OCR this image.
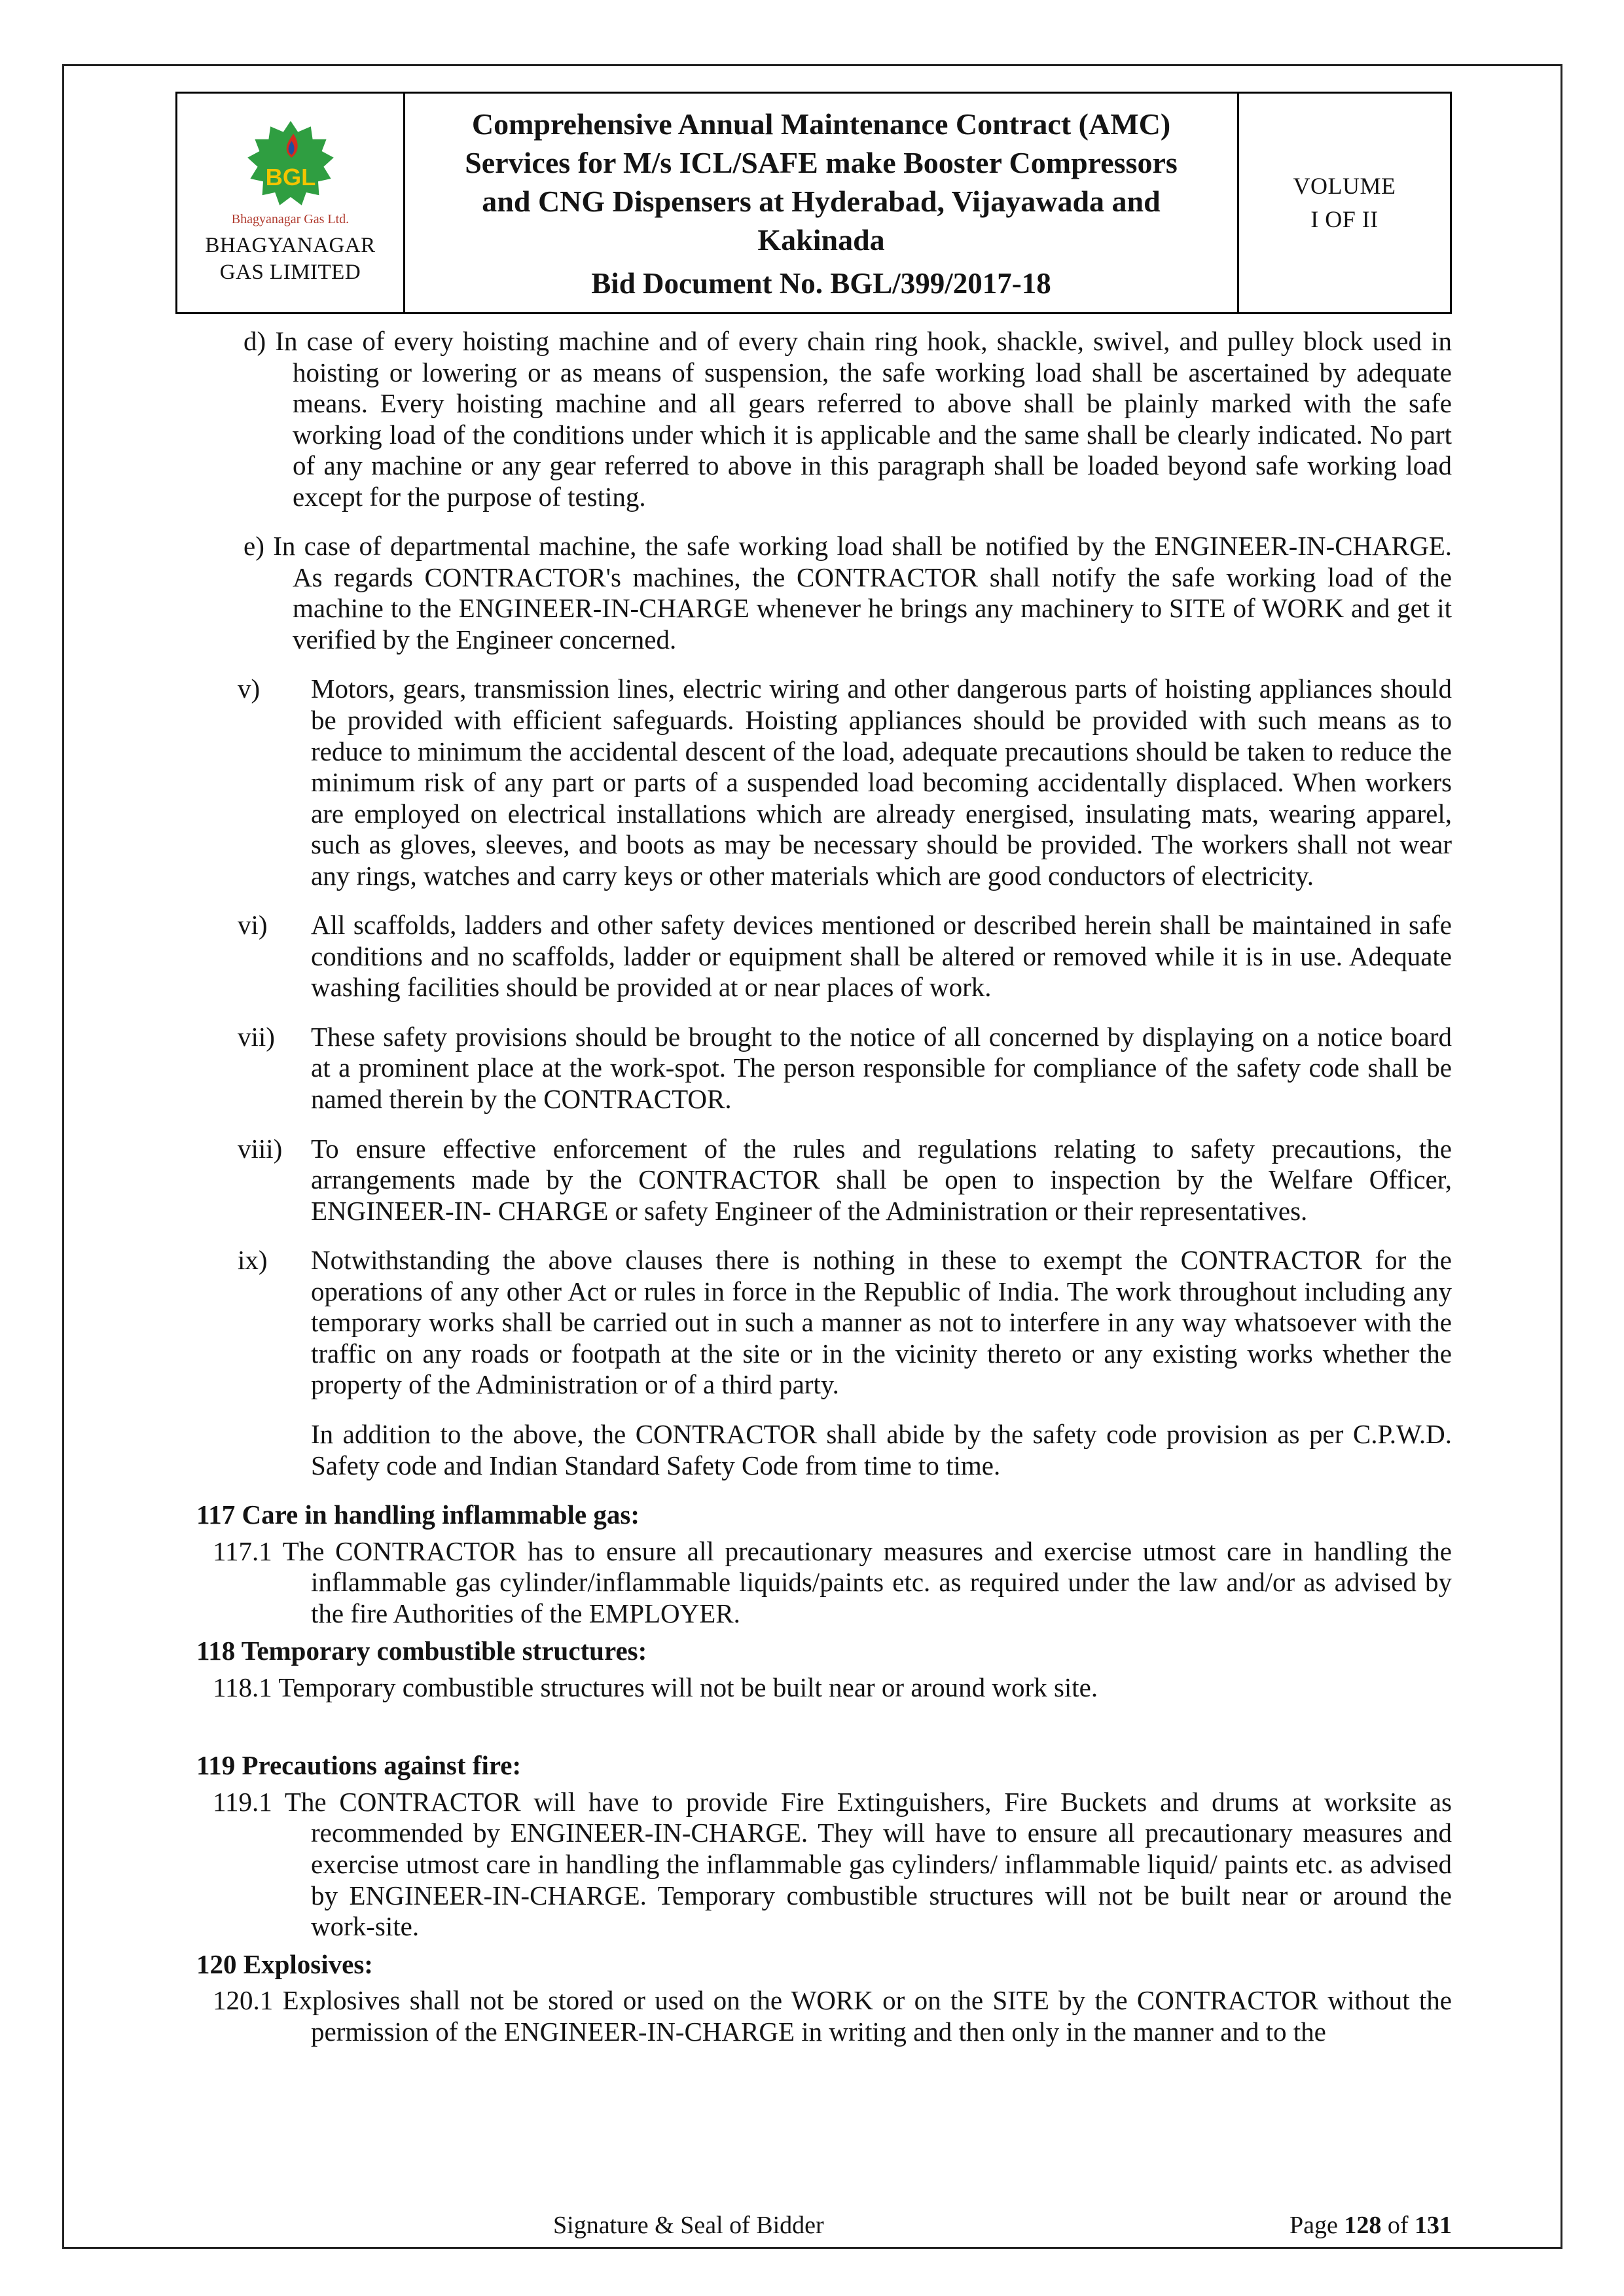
BGL
Bhagyanagar Gas Ltd.
BHAGYANAGAR
GAS LIMITED
Comprehensive Annual Maintenance Contract (AMC)
Services for M/s ICL/SAFE make Booster Compressors
and CNG Dispensers at Hyderabad, Vijayawada and
Kakinada
Bid Document No. BGL/399/2017-18
VOLUME
I OF II
d) In case of every hoisting machine and of every chain ring hook, shackle, swivel, and pulley block used in hoisting or lowering or as means of suspension, the safe working load shall be ascertained by adequate means. Every hoisting machine and all gears referred to above shall be plainly marked with the safe working load of the conditions under which it is applicable and the same shall be clearly indicated. No part of any machine or any gear referred to above in this paragraph shall be loaded beyond safe working load except for the purpose of testing.
e) In case of departmental machine, the safe working load shall be notified by the ENGINEER-IN-CHARGE. As regards CONTRACTOR's machines, the CONTRACTOR shall notify the safe working load of the machine to the ENGINEER-IN-CHARGE whenever he brings any machinery to SITE of WORK and get it verified by the Engineer concerned.
v)	Motors, gears, transmission lines, electric wiring and other dangerous parts of hoisting appliances should be provided with efficient safeguards. Hoisting appliances should be provided with such means as to reduce to minimum the accidental descent of the load, adequate precautions should be taken to reduce the minimum risk of any part or parts of a suspended load becoming accidentally displaced. When workers are employed on electrical installations which are already energised, insulating mats, wearing apparel, such as gloves, sleeves, and boots as may be necessary should be provided. The workers shall not wear any rings, watches and carry keys or other materials which are good conductors of electricity.
vi)	All scaffolds, ladders and other safety devices mentioned or described herein shall be maintained in safe conditions and no scaffolds, ladder or equipment shall be altered or removed while it is in use. Adequate washing facilities should be provided at or near places of work.
vii)	These safety provisions should be brought to the notice of all concerned by displaying on a notice board at a prominent place at the work-spot. The person responsible for compliance of the safety code shall be named therein by the CONTRACTOR.
viii)	To ensure effective enforcement of the rules and regulations relating to safety precautions, the arrangements made by the CONTRACTOR shall be open to inspection by the Welfare Officer, ENGINEER-IN- CHARGE or safety Engineer of the Administration or their representatives.
ix)	Notwithstanding the above clauses there is nothing in these to exempt the CONTRACTOR for the operations of any other Act or rules in force in the Republic of India. The work throughout including any temporary works shall be carried out in such a manner as not to interfere in any way whatsoever with the traffic on any roads or footpath at the site or in the vicinity thereto or any existing works whether the property of the Administration or of a third party.
In addition to the above, the CONTRACTOR shall abide by the safety code provision as per C.P.W.D. Safety code and Indian Standard Safety Code from time to time.
117 Care in handling inflammable gas:
117.1 The CONTRACTOR has to ensure all precautionary measures and exercise utmost care in handling the inflammable gas cylinder/inflammable liquids/paints etc. as required under the law and/or as advised by the fire Authorities of the EMPLOYER.
118 Temporary combustible structures:
118.1 Temporary combustible structures will not be built near or around work site.
119 Precautions against fire:
119.1 The CONTRACTOR will have to provide Fire Extinguishers, Fire Buckets and drums at worksite as recommended by ENGINEER-IN-CHARGE. They will have to ensure all precautionary measures and exercise utmost care in handling the inflammable gas cylinders/ inflammable liquid/ paints etc. as advised by ENGINEER-IN-CHARGE. Temporary combustible structures will not be built near or around the work-site.
120 Explosives:
120.1 Explosives shall not be stored or used on the WORK or on the SITE by the CONTRACTOR without the permission of the ENGINEER-IN-CHARGE in writing and then only in the manner and to the
Signature & Seal of Bidder	Page 128 of 131
